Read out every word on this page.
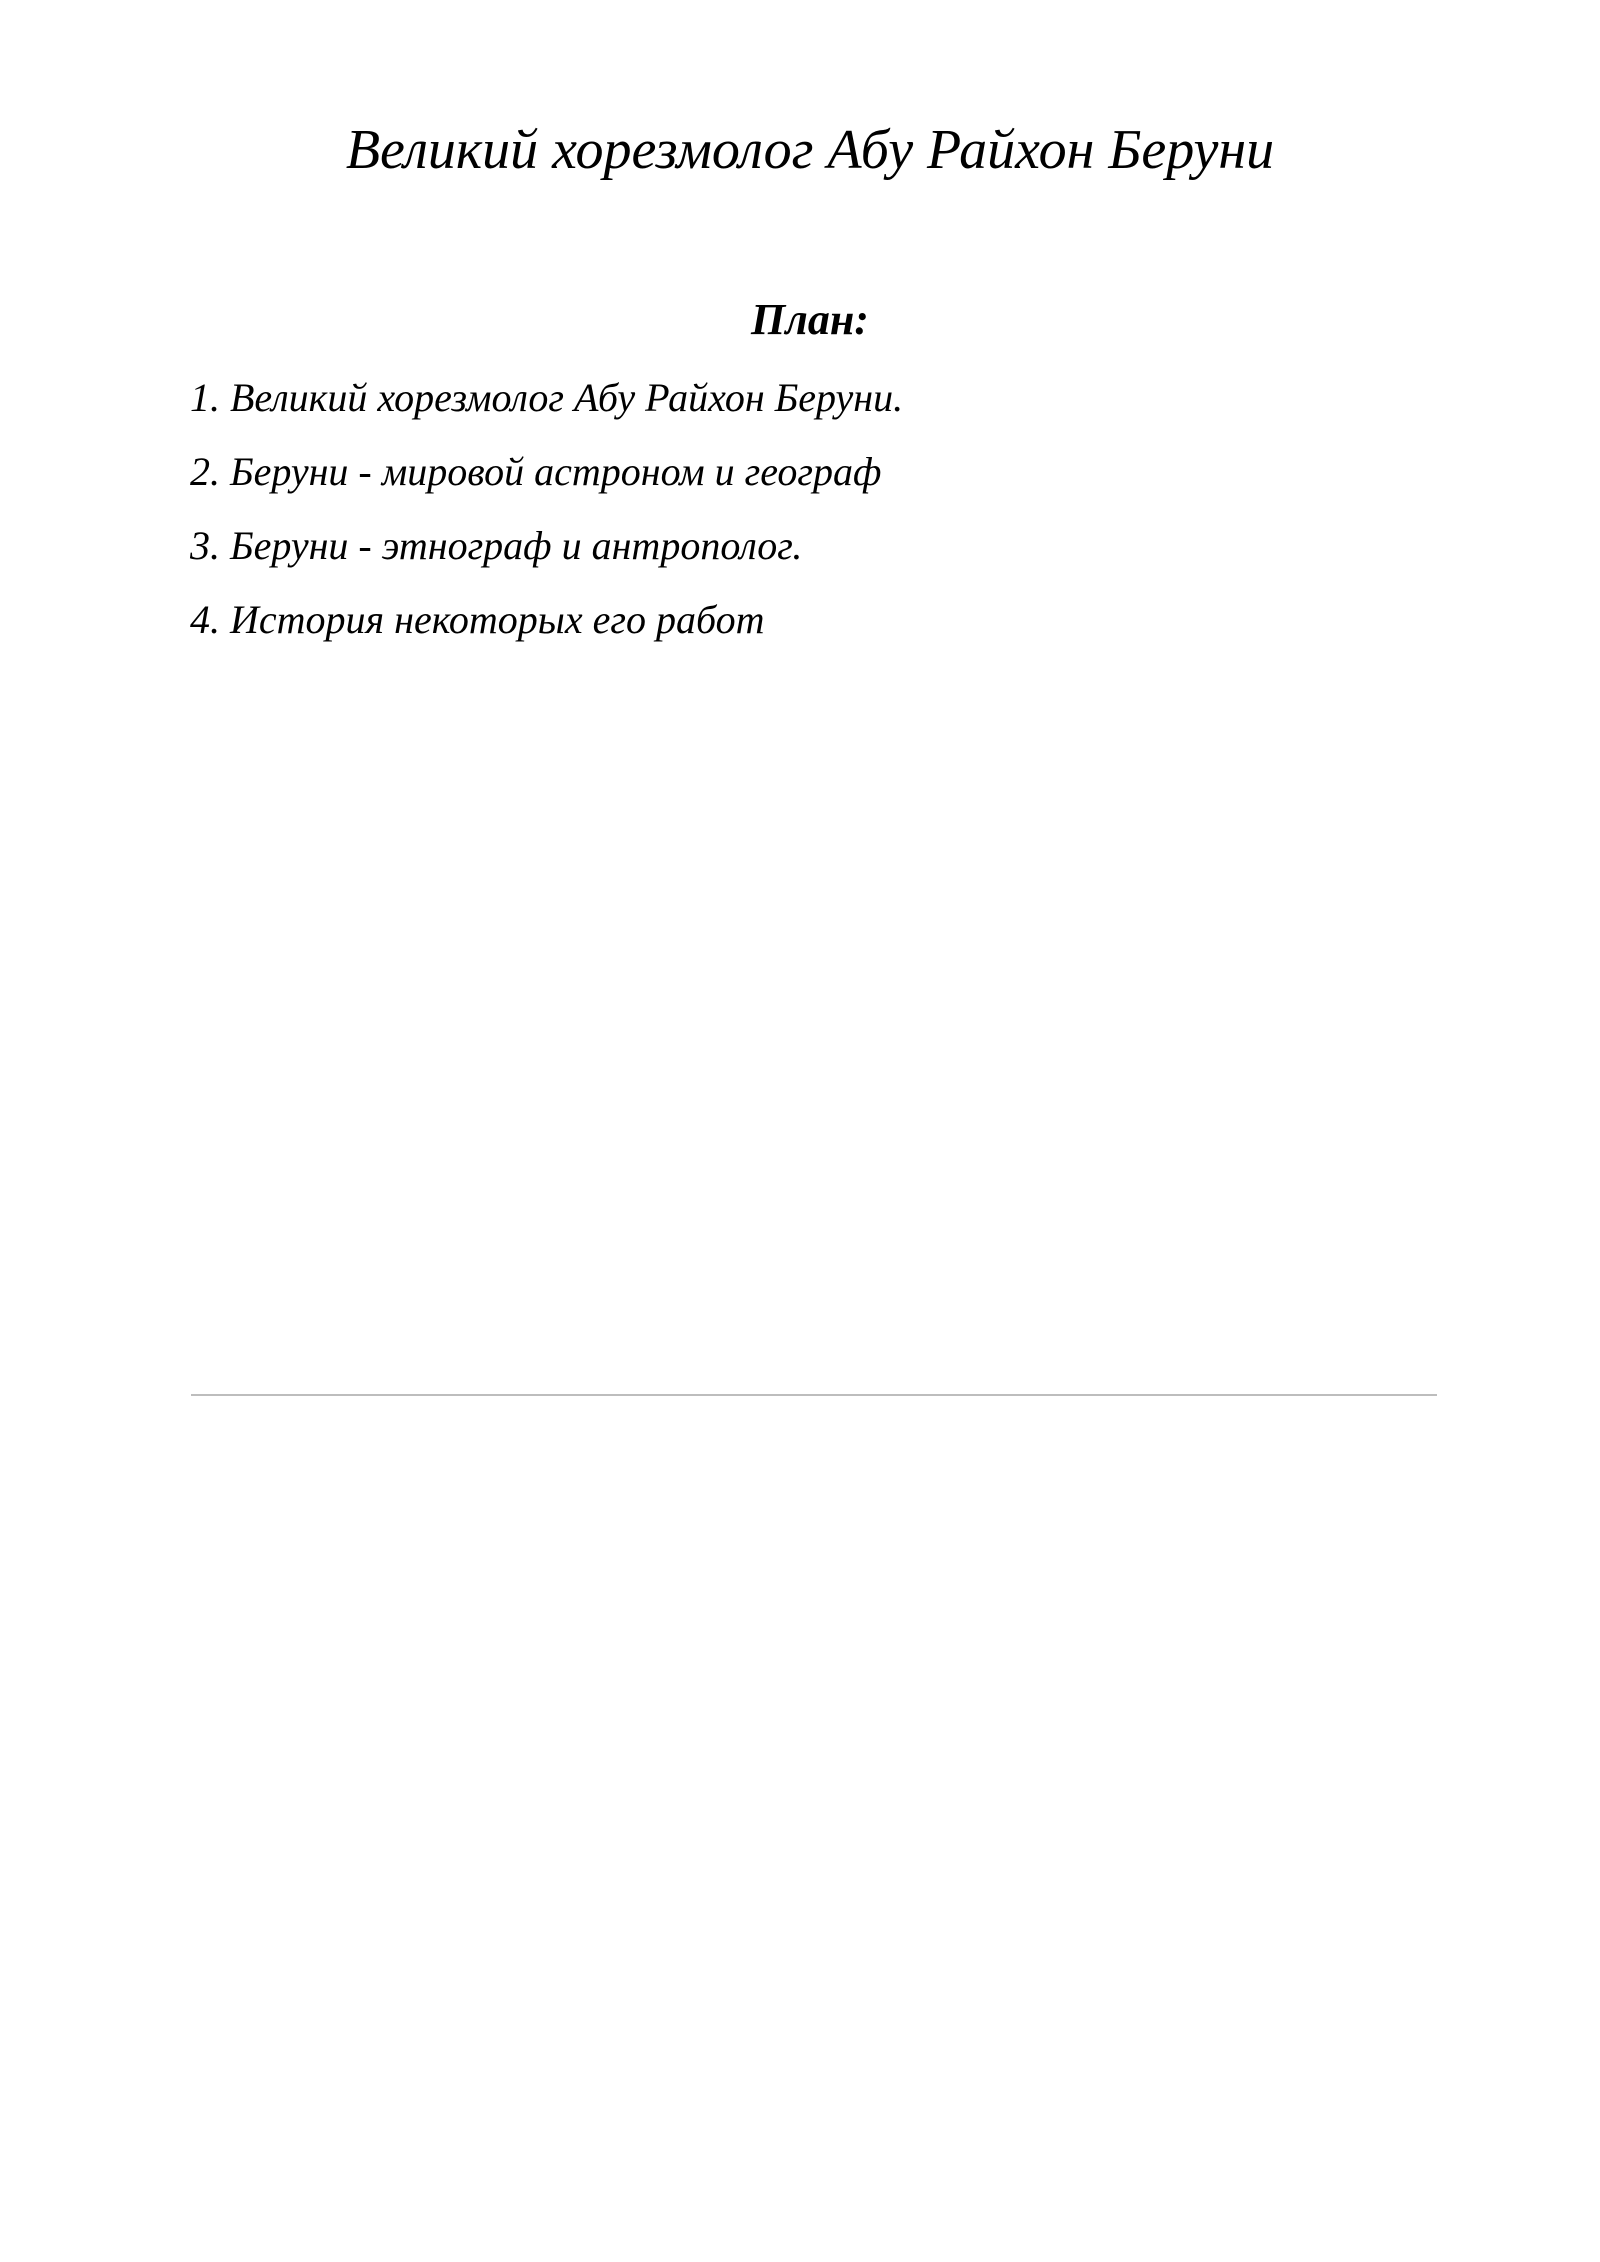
Великий хорезмолог Абу Райхон Беруни
План:
1. Великий хорезмолог Абу Райхон Беруни.
2. Беруни - мировой астроном и географ
3. Беруни - этнограф и антрополог.
4. История некоторых его работ
